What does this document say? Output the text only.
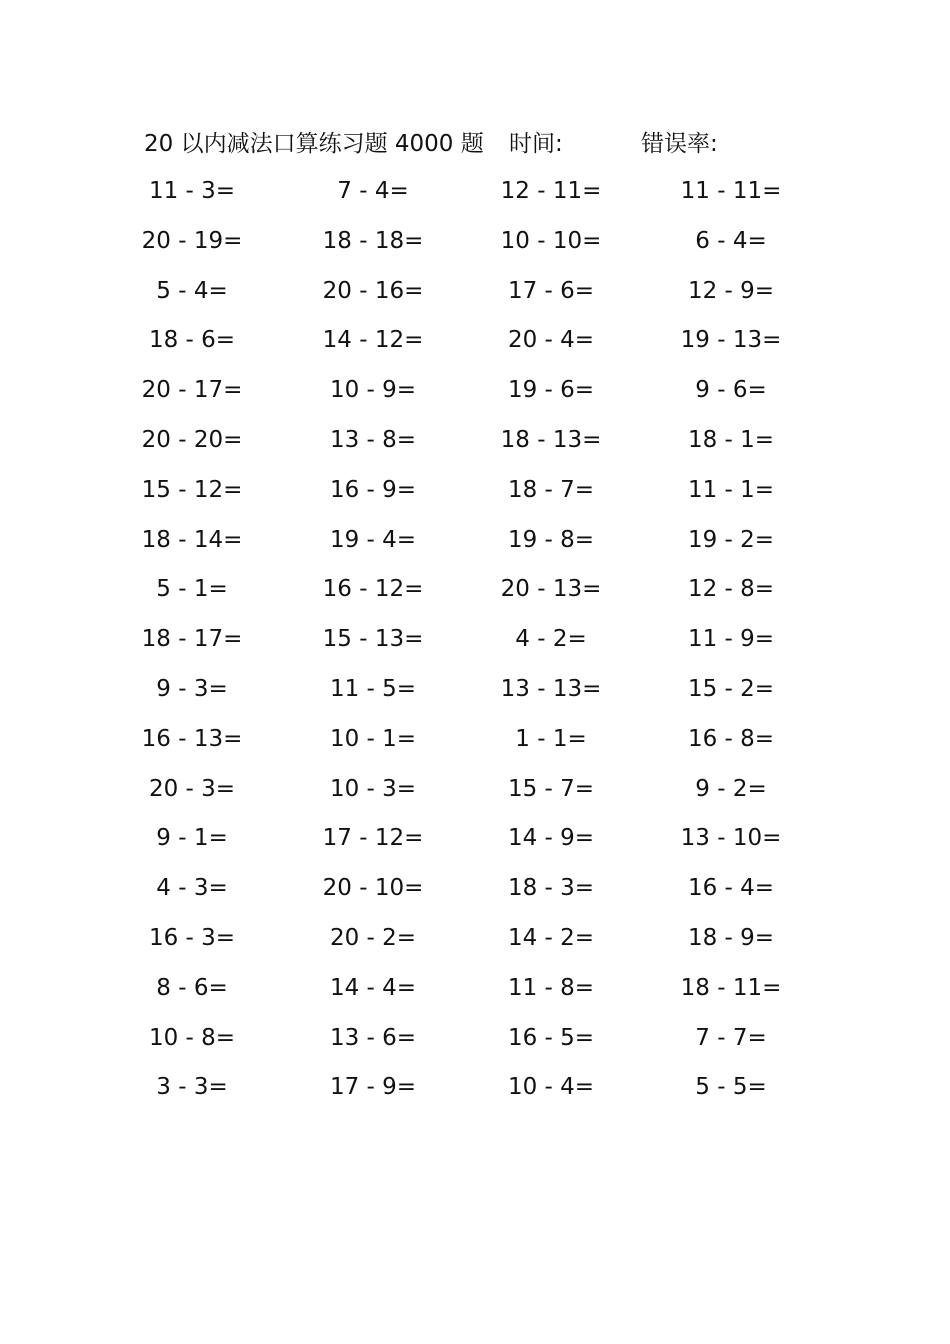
20 以内减法口算练习题 4000 题 时间:	错误率:
11 - 3=	7 - 4=	12 - 11=	11 - 11=
20 - 19=	18 - 18=	10 - 10=	6 - 4=
5 - 4=	20 - 16=	17 - 6=	12 - 9=
18 - 6=	14 - 12=	20 - 4=	19 - 13=
20 - 17=	10 - 9=	19 - 6=	9 - 6=
20 - 20=	13 - 8=	18 - 13=	18 - 1=
15 - 12=	16 - 9=	18 - 7=	11 - 1=
18 - 14=	19 - 4=	19 - 8=	19 - 2=
5 - 1=	16 - 12=	20 - 13=	12 - 8=
18 - 17=	15 - 13=	4 - 2=	11 - 9=
9 - 3=	11 - 5=	13 - 13=	15 - 2=
16 - 13=	10 - 1=	1 - 1=	16 - 8=
20 - 3=	10 - 3=	15 - 7=	9 - 2=
9 - 1=	17 - 12=	14 - 9=	13 - 10=
4 - 3=	20 - 10=	18 - 3=	16 - 4=
16 - 3=	20 - 2=	14 - 2=	18 - 9=
8 - 6=	14 - 4=	11 - 8=	18 - 11=
10 - 8=	13 - 6=	16 - 5=	7 - 7=
3 - 3=	17 - 9=	10 - 4=	5 - 5=
